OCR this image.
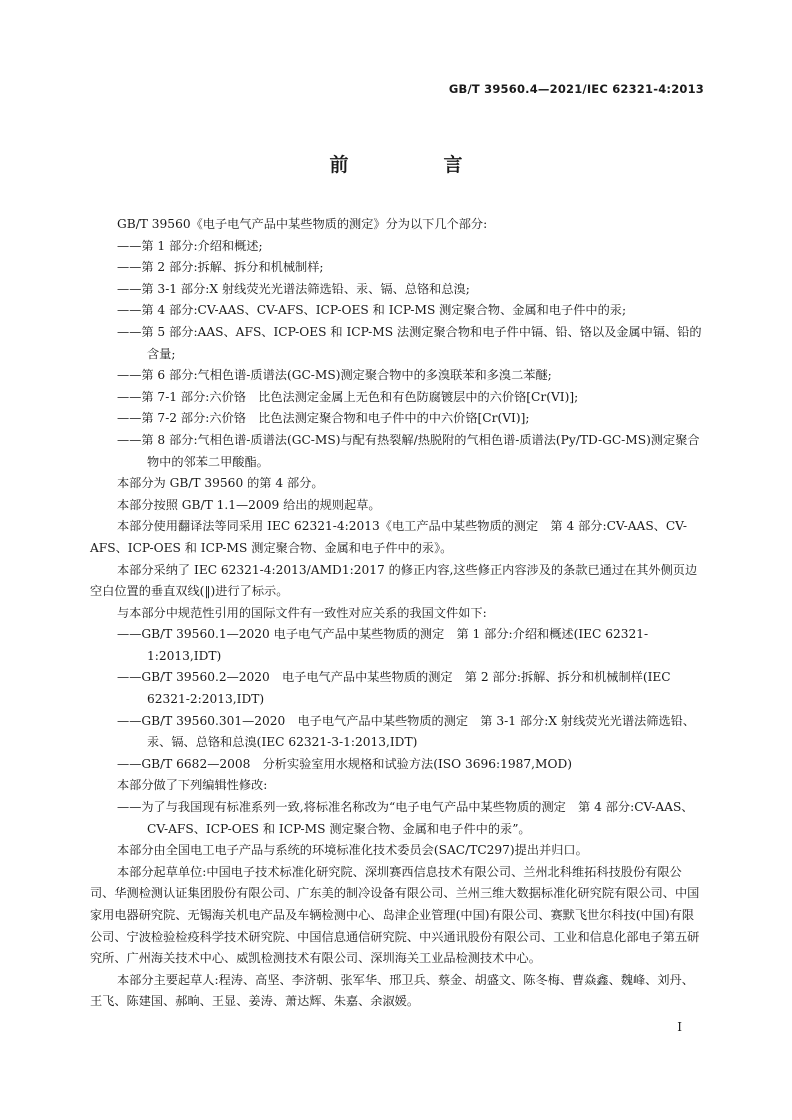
GB/T 39560.4—2021/IEC 62321-4:2013
前　言

GB/T 39560《电子电气产品中某些物质的测定》分为以下几个部分:

——第 1 部分:介绍和概述;

——第 2 部分:拆解、拆分和机械制样;

——第 3-1 部分:X 射线荧光光谱法筛选铅、汞、镉、总铬和总溴;

——第 4 部分:CV-AAS、CV-AFS、ICP-OES 和 ICP-MS 测定聚合物、金属和电子件中的汞;

——第 5 部分:AAS、AFS、ICP-OES 和 ICP-MS 法测定聚合物和电子件中镉、铅、铬以及金属中镉、铅的含量;

——第 6 部分:气相色谱-质谱法(GC-MS)测定聚合物中的多溴联苯和多溴二苯醚;

——第 7-1 部分:六价铬　比色法测定金属上无色和有色防腐镀层中的六价铬[Cr(VI)];

——第 7-2 部分:六价铬　比色法测定聚合物和电子件中的中六价铬[Cr(VI)];

——第 8 部分:气相色谱-质谱法(GC-MS)与配有热裂解/热脱附的气相色谱-质谱法(Py/TD-GC-MS)测定聚合物中的邻苯二甲酸酯。

本部分为 GB/T 39560 的第 4 部分。

本部分按照 GB/T 1.1—2009 给出的规则起草。

本部分使用翻译法等同采用 IEC 62321-4:2013《电工产品中某些物质的测定　第 4 部分:CV-AAS、CV-AFS、ICP-OES 和 ICP-MS 测定聚合物、金属和电子件中的汞》。

本部分采纳了 IEC 62321-4:2013/AMD1:2017 的修正内容,这些修正内容涉及的条款已通过在其外侧页边空白位置的垂直双线(‖)进行了标示。

与本部分中规范性引用的国际文件有一致性对应关系的我国文件如下:

——GB/T 39560.1—2020 电子电气产品中某些物质的测定　第 1 部分:介绍和概述(IEC 62321-1:2013,IDT)

——GB/T 39560.2—2020　电子电气产品中某些物质的测定　第 2 部分:拆解、拆分和机械制样(IEC 62321-2:2013,IDT)

——GB/T 39560.301—2020　电子电气产品中某些物质的测定　第 3-1 部分:X 射线荧光光谱法筛选铅、汞、镉、总铬和总溴(IEC 62321-3-1:2013,IDT)

——GB/T 6682—2008　分析实验室用水规格和试验方法(ISO 3696:1987,MOD)

本部分做了下列编辑性修改:

——为了与我国现有标准系列一致,将标准名称改为“电子电气产品中某些物质的测定　第 4 部分:CV-AAS、CV-AFS、ICP-OES 和 ICP-MS 测定聚合物、金属和电子件中的汞”。

本部分由全国电工电子产品与系统的环境标准化技术委员会(SAC/TC297)提出并归口。

本部分起草单位:中国电子技术标准化研究院、深圳赛西信息技术有限公司、兰州北科维拓科技股份有限公司、华测检测认证集团股份有限公司、广东美的制冷设备有限公司、兰州三维大数据标准化研究院有限公司、中国家用电器研究院、无锡海关机电产品及车辆检测中心、岛津企业管理(中国)有限公司、赛默飞世尔科技(中国)有限公司、宁波检验检疫科学技术研究院、中国信息通信研究院、中兴通讯股份有限公司、工业和信息化部电子第五研究所、广州海关技术中心、威凯检测技术有限公司、深圳海关工业品检测技术中心。

本部分主要起草人:程涛、高坚、李济朝、张军华、邢卫兵、蔡金、胡盛文、陈冬梅、曹焱鑫、魏峰、刘丹、王飞、陈建国、郝晌、王显、姜涛、萧达辉、朱嘉、余淑媛。

I
